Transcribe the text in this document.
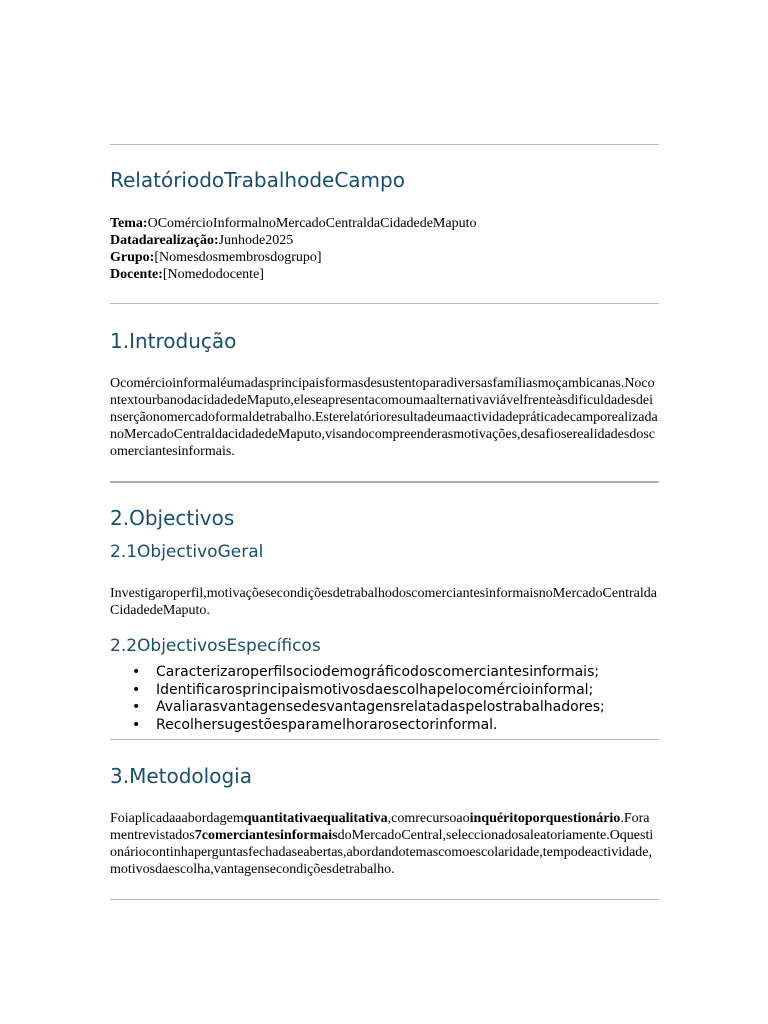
RelatóriodoTrabalhodeCampo
Tema:OComércioInformalnoMercadoCentraldaCidadedeMaputo
Datadarealização:Junhode2025
Grupo:[Nomesdosmembrosdogrupo]
Docente:[Nomedodocente]
1.Introdução

Ocomércioinformaléumadasprincipaisformasdesustentoparadiversasfamíliasmoçambicanas.NocontextourbanodacidadedeMaputo,eleseapresentacomoumaalternativaviávelfrenteàsdificuldadesdeinserçãonomercadoformaldetrabalho.EsterelatórioresultadeumaactividadepráticadecamporealizadanoMercadoCentraldacidadedeMaputo,visandocompreenderasmotivações,desafioserealidadesdoscomerciantesinformais.

2.Objectivos
2.1ObjectivoGeral

Investigaroperfil,motivaçõesecondiçõesdetrabalhodoscomerciantesinformaisnoMercadoCentraldaCidadedeMaputo.

2.2ObjectivosEspecíficos
• Caracterizaroperfilsociodemográficodoscomerciantesinformais;
• Identificarosprincipaismotivosdaescolhapelocomércioinformal;
• Avaliarasvantagensedesvantagensrelatadaspelostrabalhadores;
• Recolhersugestõesparamelhorarosectorinformal.
3.Metodologia

Foiaplicadaaabordagemquantitativaequalitativa,comrecursoaoinquéritoporquestionário.Foramentrevistados7comerciantesinformaisdoMercadoCentral,seleccionadosaleatoriamente.Oquestionáriocontinhaperguntasfechadaseabertas,abordandotemascomoescolaridade,tempodeactividade,motivosdaescolha,vantagensecondiçõesdetrabalho.
